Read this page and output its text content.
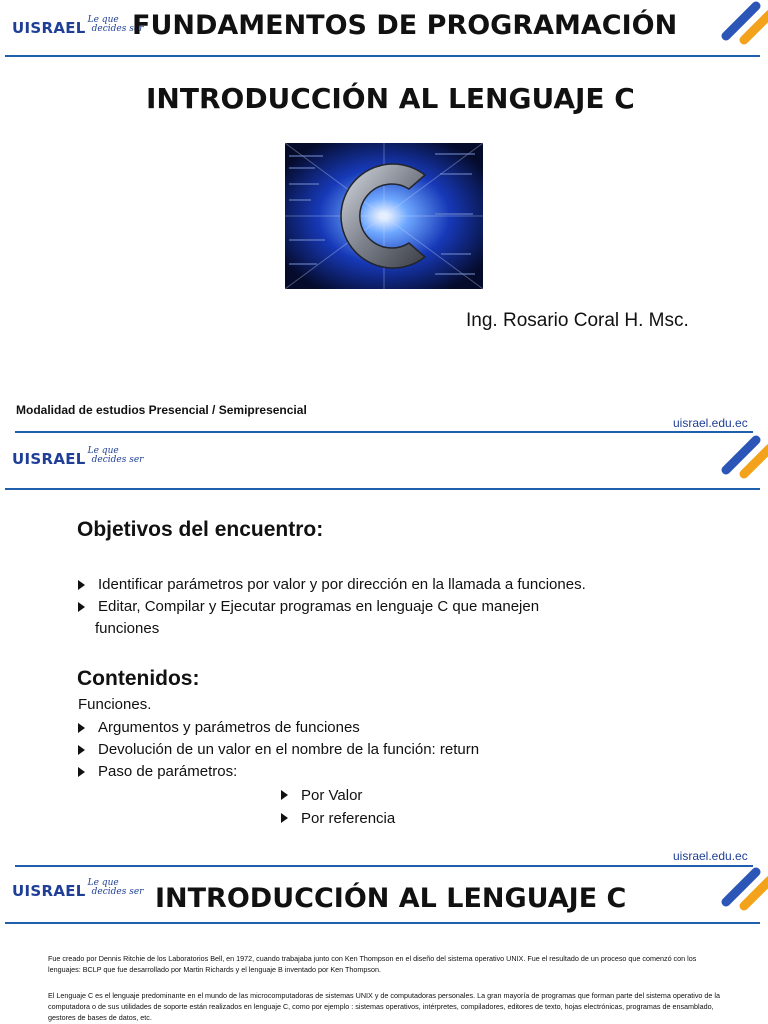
UISRAEL Le que
decides ser
FUNDAMENTOS DE PROGRAMACIÓN
INTRODUCCIÓN AL LENGUAJE C
Ing. Rosario Coral H. Msc.
Modalidad de estudios Presencial / Semipresencial
uisrael.edu.ec
UISRAEL Le que
decides ser
Objetivos del encuentro:
Identificar parámetros por valor y por dirección en la llamada a funciones.
Editar, Compilar y Ejecutar programas en lenguaje C que manejen
funciones
Contenidos:
Funciones.
Argumentos y parámetros de funciones
Devolución de un valor en el nombre de la función: return
Paso de parámetros:
Por Valor
Por referencia
uisrael.edu.ec
UISRAEL Le que
decides ser INTRODUCCIÓN AL LENGUAJE C
Fue creado por Dennis Ritchie de los Laboratorios Bell, en 1972, cuando trabajaba junto con Ken Thompson en el diseño del sistema operativo UNIX. Fue el resultado de un proceso que comenzó con los lenguajes: BCLP que fue desarrollado por Martin Richards y el lenguaje B inventado por Ken Thompson.
El Lenguaje C es el lenguaje predominante en el mundo de las microcomputadoras de sistemas UNIX y de computadoras personales. La gran mayoría de programas que forman parte del sistema operativo de la computadora o de sus utilidades de soporte están realizados en lenguaje C, como por ejemplo : sistemas operativos, intérpretes, compiladores, editores de texto, hojas electrónicas, programas de ensamblado, gestores de bases de datos, etc.
